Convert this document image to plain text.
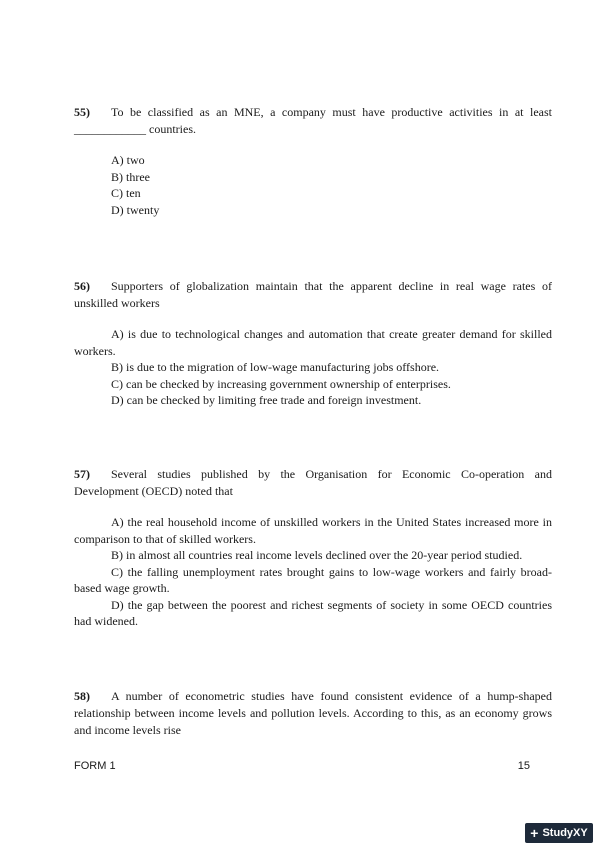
55) To be classified as an MNE, a company must have productive activities in at least ____________ countries.
A) two
B) three
C) ten
D) twenty
56) Supporters of globalization maintain that the apparent decline in real wage rates of unskilled workers
A) is due to technological changes and automation that create greater demand for skilled workers.
B) is due to the migration of low-wage manufacturing jobs offshore.
C) can be checked by increasing government ownership of enterprises.
D) can be checked by limiting free trade and foreign investment.
57) Several studies published by the Organisation for Economic Co-operation and Development (OECD) noted that
A) the real household income of unskilled workers in the United States increased more in comparison to that of skilled workers.
B) in almost all countries real income levels declined over the 20-year period studied.
C) the falling unemployment rates brought gains to low-wage workers and fairly broad-based wage growth.
D) the gap between the poorest and richest segments of society in some OECD countries had widened.
58) A number of econometric studies have found consistent evidence of a hump-shaped relationship between income levels and pollution levels. According to this, as an economy grows and income levels rise
FORM 1	15
+ StudyXY
